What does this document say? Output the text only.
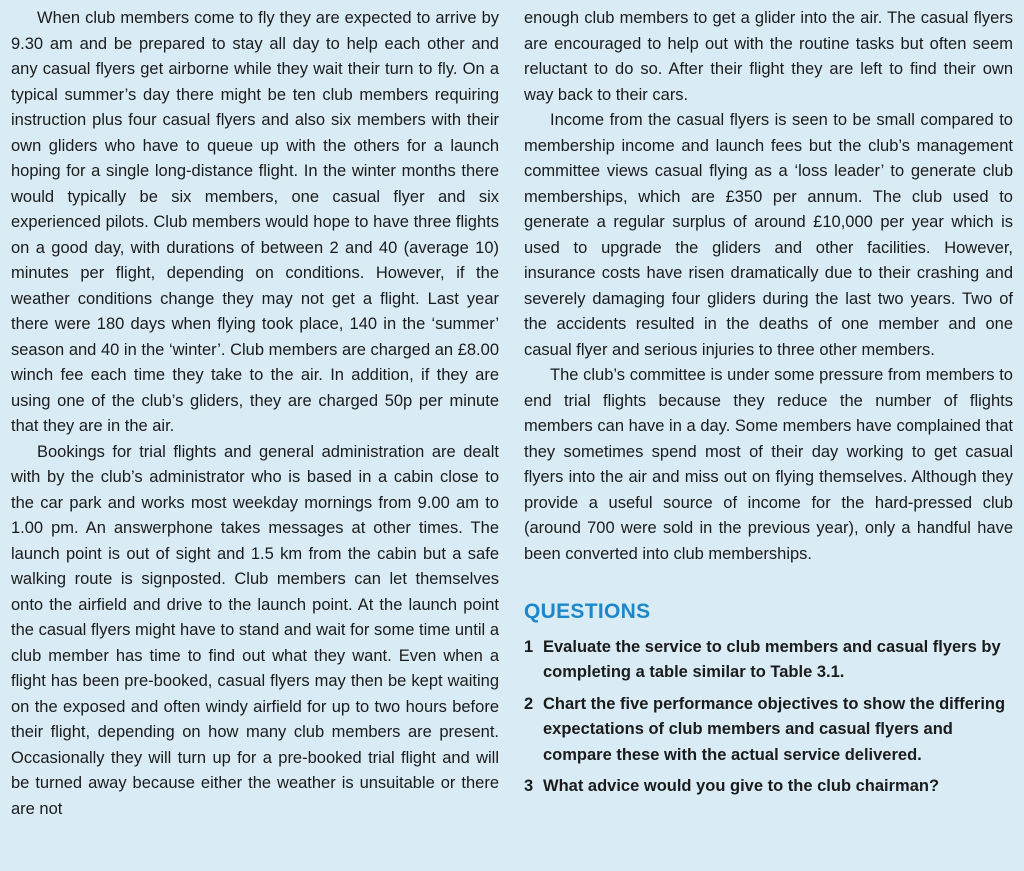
When club members come to fly they are expected to arrive by 9.30 am and be prepared to stay all day to help each other and any casual flyers get airborne while they wait their turn to fly. On a typical summer’s day there might be ten club members requiring instruction plus four casual flyers and also six members with their own gliders who have to queue up with the others for a launch hoping for a single long-distance flight. In the winter months there would typically be six members, one casual flyer and six experienced pilots. Club members would hope to have three flights on a good day, with durations of between 2 and 40 (average 10) minutes per flight, depending on conditions. However, if the weather conditions change they may not get a flight. Last year there were 180 days when flying took place, 140 in the ‘summer’ season and 40 in the ‘winter’. Club members are charged an £8.00 winch fee each time they take to the air. In addition, if they are using one of the club’s gliders, they are charged 50p per minute that they are in the air.

Bookings for trial flights and general administration are dealt with by the club’s administrator who is based in a cabin close to the car park and works most weekday mornings from 9.00 am to 1.00 pm. An answerphone takes messages at other times. The launch point is out of sight and 1.5 km from the cabin but a safe walking route is signposted. Club members can let themselves onto the airfield and drive to the launch point. At the launch point the casual flyers might have to stand and wait for some time until a club member has time to find out what they want. Even when a flight has been pre-booked, casual flyers may then be kept waiting on the exposed and often windy airfield for up to two hours before their flight, depending on how many club members are present. Occasionally they will turn up for a pre-booked trial flight and will be turned away because either the weather is unsuitable or there are not

enough club members to get a glider into the air. The casual flyers are encouraged to help out with the routine tasks but often seem reluctant to do so. After their flight they are left to find their own way back to their cars.

Income from the casual flyers is seen to be small compared to membership income and launch fees but the club’s management committee views casual flying as a ‘loss leader’ to generate club memberships, which are £350 per annum. The club used to generate a regular surplus of around £10,000 per year which is used to upgrade the gliders and other facilities. However, insurance costs have risen dramatically due to their crashing and severely damaging four gliders during the last two years. Two of the accidents resulted in the deaths of one member and one casual flyer and serious injuries to three other members.

The club’s committee is under some pressure from members to end trial flights because they reduce the number of flights members can have in a day. Some members have complained that they sometimes spend most of their day working to get casual flyers into the air and miss out on flying themselves. Although they provide a useful source of income for the hard-pressed club (around 700 were sold in the previous year), only a handful have been converted into club memberships.

QUESTIONS
1 Evaluate the service to club members and casual flyers by completing a table similar to Table 3.1.
2 Chart the five performance objectives to show the differing expectations of club members and casual flyers and compare these with the actual service delivered.
3 What advice would you give to the club chairman?
